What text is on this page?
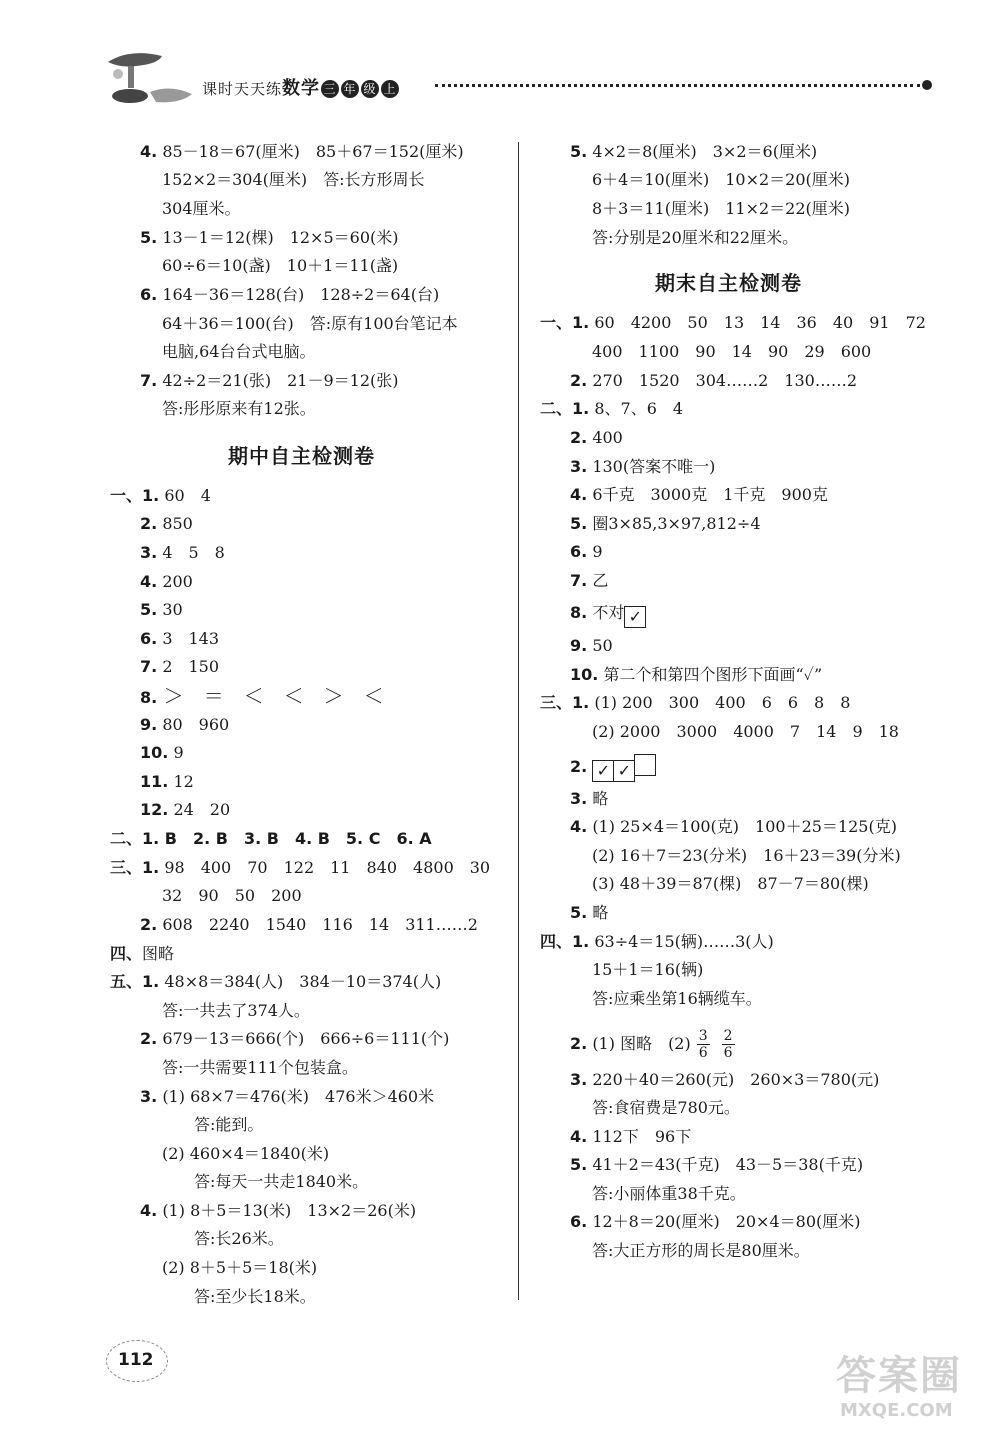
课时天天练数学 三 年 级 上
4. 85－18＝67(厘米)　85＋67＝152(厘米)
152×2＝304(厘米)　答:长方形周长
304厘米。
5. 13－1＝12(棵)　12×5＝60(米)
60÷6＝10(盏)　10＋1＝11(盏)
6. 164－36＝128(台)　128÷2＝64(台)
64＋36＝100(台)　答:原有100台笔记本
电脑,64台台式电脑。
7. 42÷2＝21(张)　21－9＝12(张)
答:彤彤原来有12张。
期中自主检测卷
一、1. 60　4
2. 850
3. 4　5　8
4. 200
5. 30
6. 3　143
7. 2　150
8. ＞　＝　＜　＜　＞　＜
9. 80　960
10. 9
11. 12
12. 24　20
二、1. B　2. B　3. B　4. B　5. C　6. A
三、1. 98　400　70　122　11　840　4800　30
32　90　50　200
2. 608　2240　1540　116　14　311……2
四、图略
五、1. 48×8＝384(人)　384－10＝374(人)
答:一共去了374人。
2. 679－13＝666(个)　666÷6＝111(个)
答:一共需要111个包装盒。
3. (1) 68×7＝476(米)　476米＞460米
　　答:能到。
(2) 460×4＝1840(米)
　　答:每天一共走1840米。
4. (1) 8＋5＝13(米)　13×2＝26(米)
　　答:长26米。
(2) 8＋5＋5＝18(米)
　　答:至少长18米。
5. 4×2＝8(厘米)　3×2＝6(厘米)
6＋4＝10(厘米)　10×2＝20(厘米)
8＋3＝11(厘米)　11×2＝22(厘米)
答:分别是20厘米和22厘米。
期末自主检测卷
一、1. 60　4200　50　13　14　36　40　91　72
400　1100　90　14　90　29　600
2. 270　1520　304……2　130……2
二、1. 8、7、6　4
2. 400
3. 130(答案不唯一)
4. 6千克　3000克　1千克　900克
5. 圈3×85,3×97,812÷4
6. 9
7. 乙
8. 不对 ✓
9. 50
10. 第二个和第四个图形下面画“✓”
三、1. (1) 200　300　400　6　6　8　8
(2) 2000　3000　4000　7　14　9　18
2. ✓ ✓
3. 略
4. (1) 25×4＝100(克)　100＋25＝125(克)
(2) 16＋7＝23(分米)　16＋23＝39(分米)
(3) 48＋39＝87(棵)　87－7＝80(棵)
5. 略
四、1. 63÷4＝15(辆)……3(人)
15＋1＝16(辆)
答:应乘坐第16辆缆车。
2. (1) 图略　$(2) \frac{3}{6} \frac{2}{6}$
3. 220＋40＝260(元)　260×3＝780(元)
答:食宿费是780元。
4. 112下　96下
5. 41＋2＝43(千克)　43－5＝38(千克)
答:小丽体重38千克。
6. 12＋8＝20(厘米)　20×4＝80(厘米)
答:大正方形的周长是80厘米。
112	答案圈
MXQE.COM
